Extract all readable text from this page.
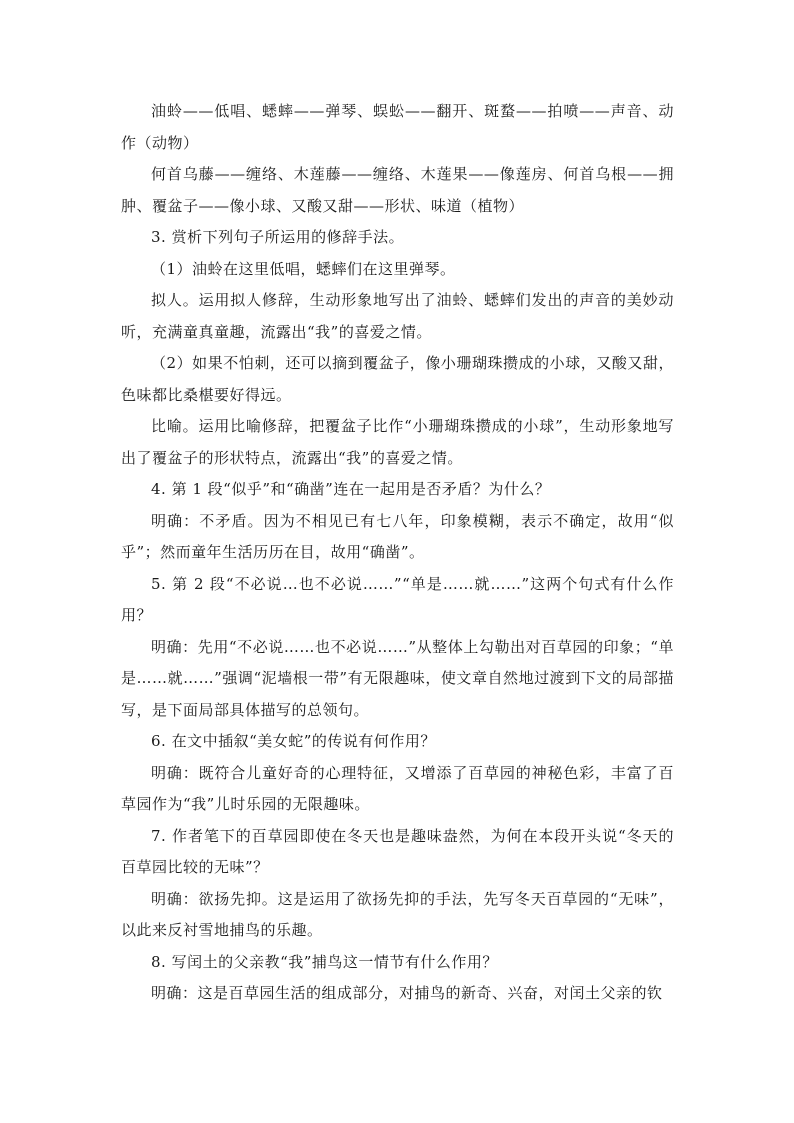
油蛉——低唱、蟋蟀——弹琴、蜈蚣——翻开、斑蝥——拍喷——声音、动作（动物）

何首乌藤——缠络、木莲藤——缠络、木莲果——像莲房、何首乌根——拥肿、覆盆子——像小球、又酸又甜——形状、味道（植物）

3. 赏析下列句子所运用的修辞手法。

（1）油蛉在这里低唱，蟋蟀们在这里弹琴。

拟人。运用拟人修辞，生动形象地写出了油蛉、蟋蟀们发出的声音的美妙动听，充满童真童趣，流露出“我”的喜爱之情。

（2）如果不怕刺，还可以摘到覆盆子，像小珊瑚珠攒成的小球，又酸又甜，色味都比桑椹要好得远。

比喻。运用比喻修辞，把覆盆子比作“小珊瑚珠攒成的小球”，生动形象地写出了覆盆子的形状特点，流露出“我”的喜爱之情。

4. 第 1 段“似乎”和“确凿”连在一起用是否矛盾？为什么？

明确：不矛盾。因为不相见已有七八年，印象模糊，表示不确定，故用“似乎”；然而童年生活历历在目，故用“确凿”。

5. 第 2 段“不必说…也不必说……”“单是……就……”这两个句式有什么作用？

明确：先用“不必说……也不必说……”从整体上勾勒出对百草园的印象；“单是……就……”强调“泥墙根一带”有无限趣味，使文章自然地过渡到下文的局部描写，是下面局部具体描写的总领句。

6. 在文中插叙“美女蛇”的传说有何作用？

明确：既符合儿童好奇的心理特征，又增添了百草园的神秘色彩，丰富了百草园作为“我”儿时乐园的无限趣味。

7. 作者笔下的百草园即使在冬天也是趣味盎然，为何在本段开头说“冬天的百草园比较的无味”？

明确：欲扬先抑。这是运用了欲扬先抑的手法，先写冬天百草园的“无味”，以此来反衬雪地捕鸟的乐趣。

8. 写闰土的父亲教“我”捕鸟这一情节有什么作用？

明确：这是百草园生活的组成部分，对捕鸟的新奇、兴奋，对闰土父亲的钦
